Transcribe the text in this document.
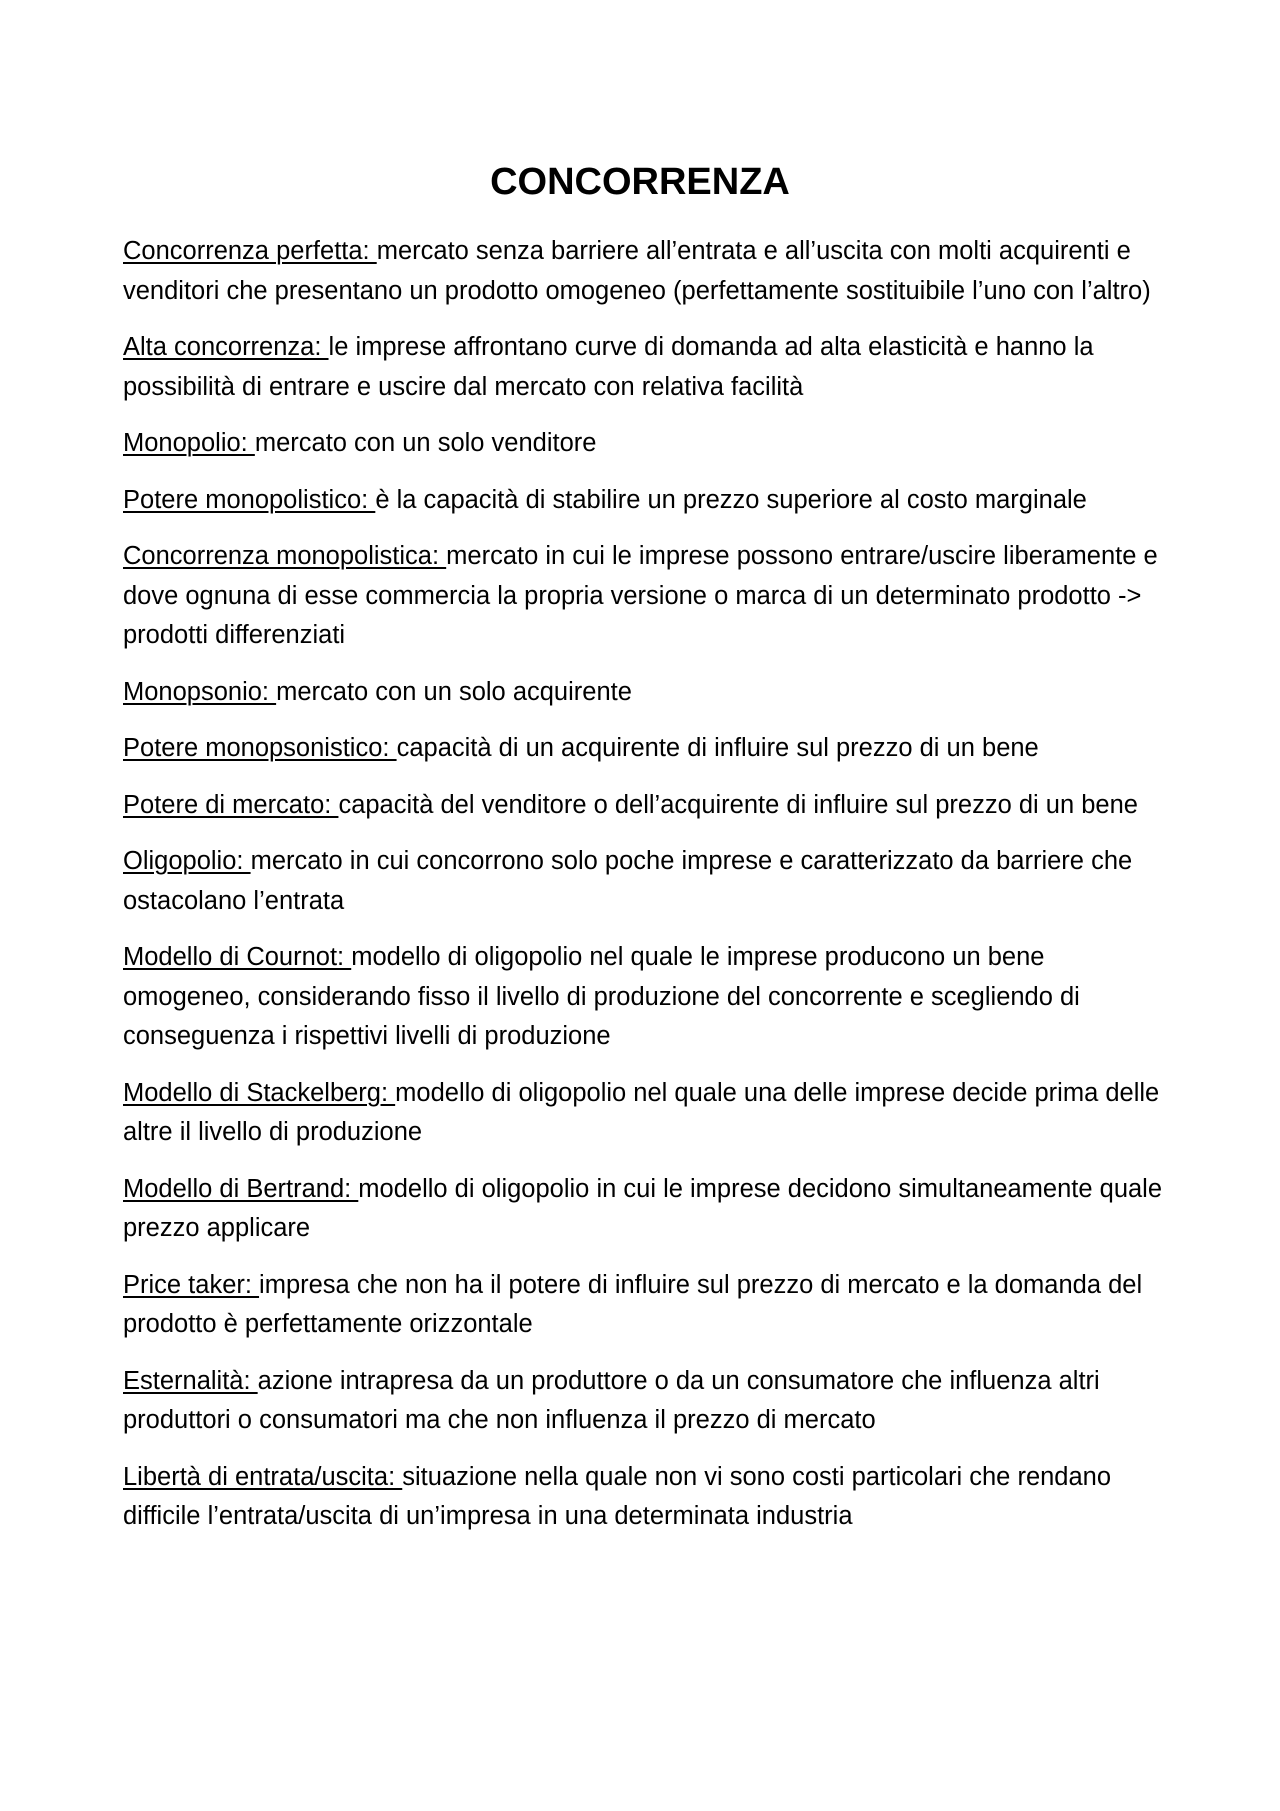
CONCORRENZA

Concorrenza perfetta: mercato senza barriere all’entrata e all’uscita con molti acquirenti e venditori che presentano un prodotto omogeneo (perfettamente sostituibile l’uno con l’altro)

Alta concorrenza: le imprese affrontano curve di domanda ad alta elasticità e hanno la possibilità di entrare e uscire dal mercato con relativa facilità

Monopolio: mercato con un solo venditore

Potere monopolistico: è la capacità di stabilire un prezzo superiore al costo marginale

Concorrenza monopolistica: mercato in cui le imprese possono entrare/uscire liberamente e dove ognuna di esse commercia la propria versione o marca di un determinato prodotto -> prodotti differenziati

Monopsonio: mercato con un solo acquirente

Potere monopsonistico: capacità di un acquirente di influire sul prezzo di un bene

Potere di mercato: capacità del venditore o dell’acquirente di influire sul prezzo di un bene

Oligopolio: mercato in cui concorrono solo poche imprese e caratterizzato da barriere che ostacolano l’entrata

Modello di Cournot: modello di oligopolio nel quale le imprese producono un bene omogeneo, considerando fisso il livello di produzione del concorrente e scegliendo di conseguenza i rispettivi livelli di produzione

Modello di Stackelberg: modello di oligopolio nel quale una delle imprese decide prima delle altre il livello di produzione

Modello di Bertrand: modello di oligopolio in cui le imprese decidono simultaneamente quale prezzo applicare

Price taker: impresa che non ha il potere di influire sul prezzo di mercato e la domanda del prodotto è perfettamente orizzontale

Esternalità: azione intrapresa da un produttore o da un consumatore che influenza altri produttori o consumatori ma che non influenza il prezzo di mercato

Libertà di entrata/uscita: situazione nella quale non vi sono costi particolari che rendano difficile l’entrata/uscita di un’impresa in una determinata industria
